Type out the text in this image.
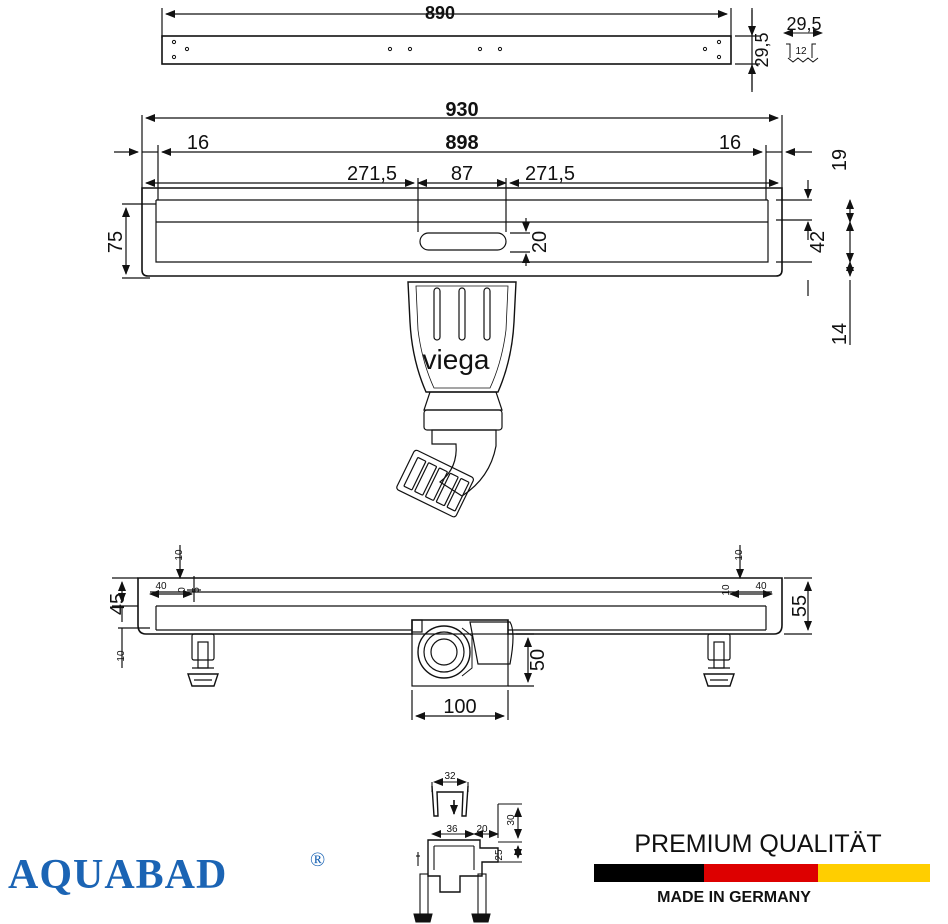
890
29,5
29,5
12
930
898
16	16
271,5	87	271,5
75	20
19
42
14
viega
45	55
10
10
40 0 5
10
10 40
50
100
32
36 20
30
25
AQUABAD	®
PREMIUM QUALITÄT
MADE IN GERMANY
